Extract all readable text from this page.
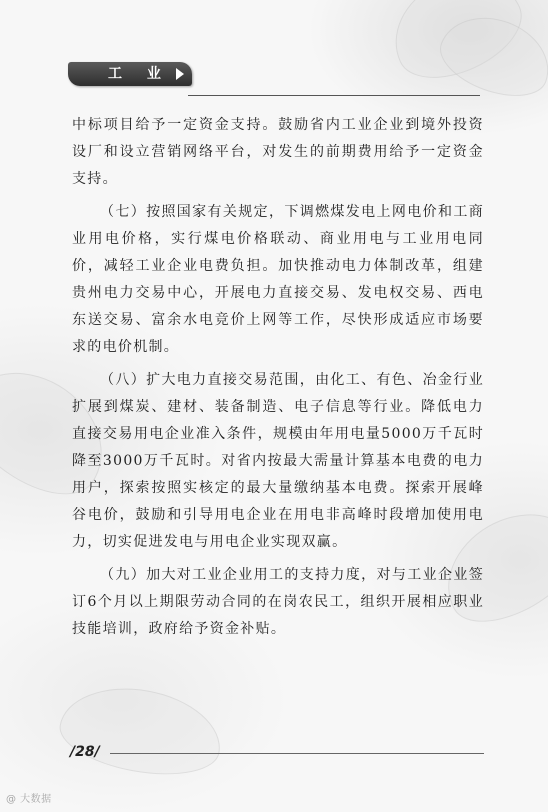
工 业

中标项目给予一定资金支持。鼓励省内工业企业到境外投资设厂和设立营销网络平台，对发生的前期费用给予一定资金支持。

（七）按照国家有关规定，下调燃煤发电上网电价和工商业用电价格，实行煤电价格联动、商业用电与工业用电同价，减轻工业企业电费负担。加快推动电力体制改革，组建贵州电力交易中心，开展电力直接交易、发电权交易、西电东送交易、富余水电竞价上网等工作，尽快形成适应市场要求的电价机制。

（八）扩大电力直接交易范围，由化工、有色、冶金行业扩展到煤炭、建材、装备制造、电子信息等行业。降低电力直接交易用电企业准入条件，规模由年用电量5000万千瓦时降至3000万千瓦时。对省内按最大需量计算基本电费的电力用户，探索按照实核定的最大量缴纳基本电费。探索开展峰谷电价，鼓励和引导用电企业在用电非高峰时段增加使用电力，切实促进发电与用电企业实现双赢。

（九）加大对工业企业用工的支持力度，对与工业企业签订6个月以上期限劳动合同的在岗农民工，组织开展相应职业技能培训，政府给予资金补贴。

/28/
@ 大数据
